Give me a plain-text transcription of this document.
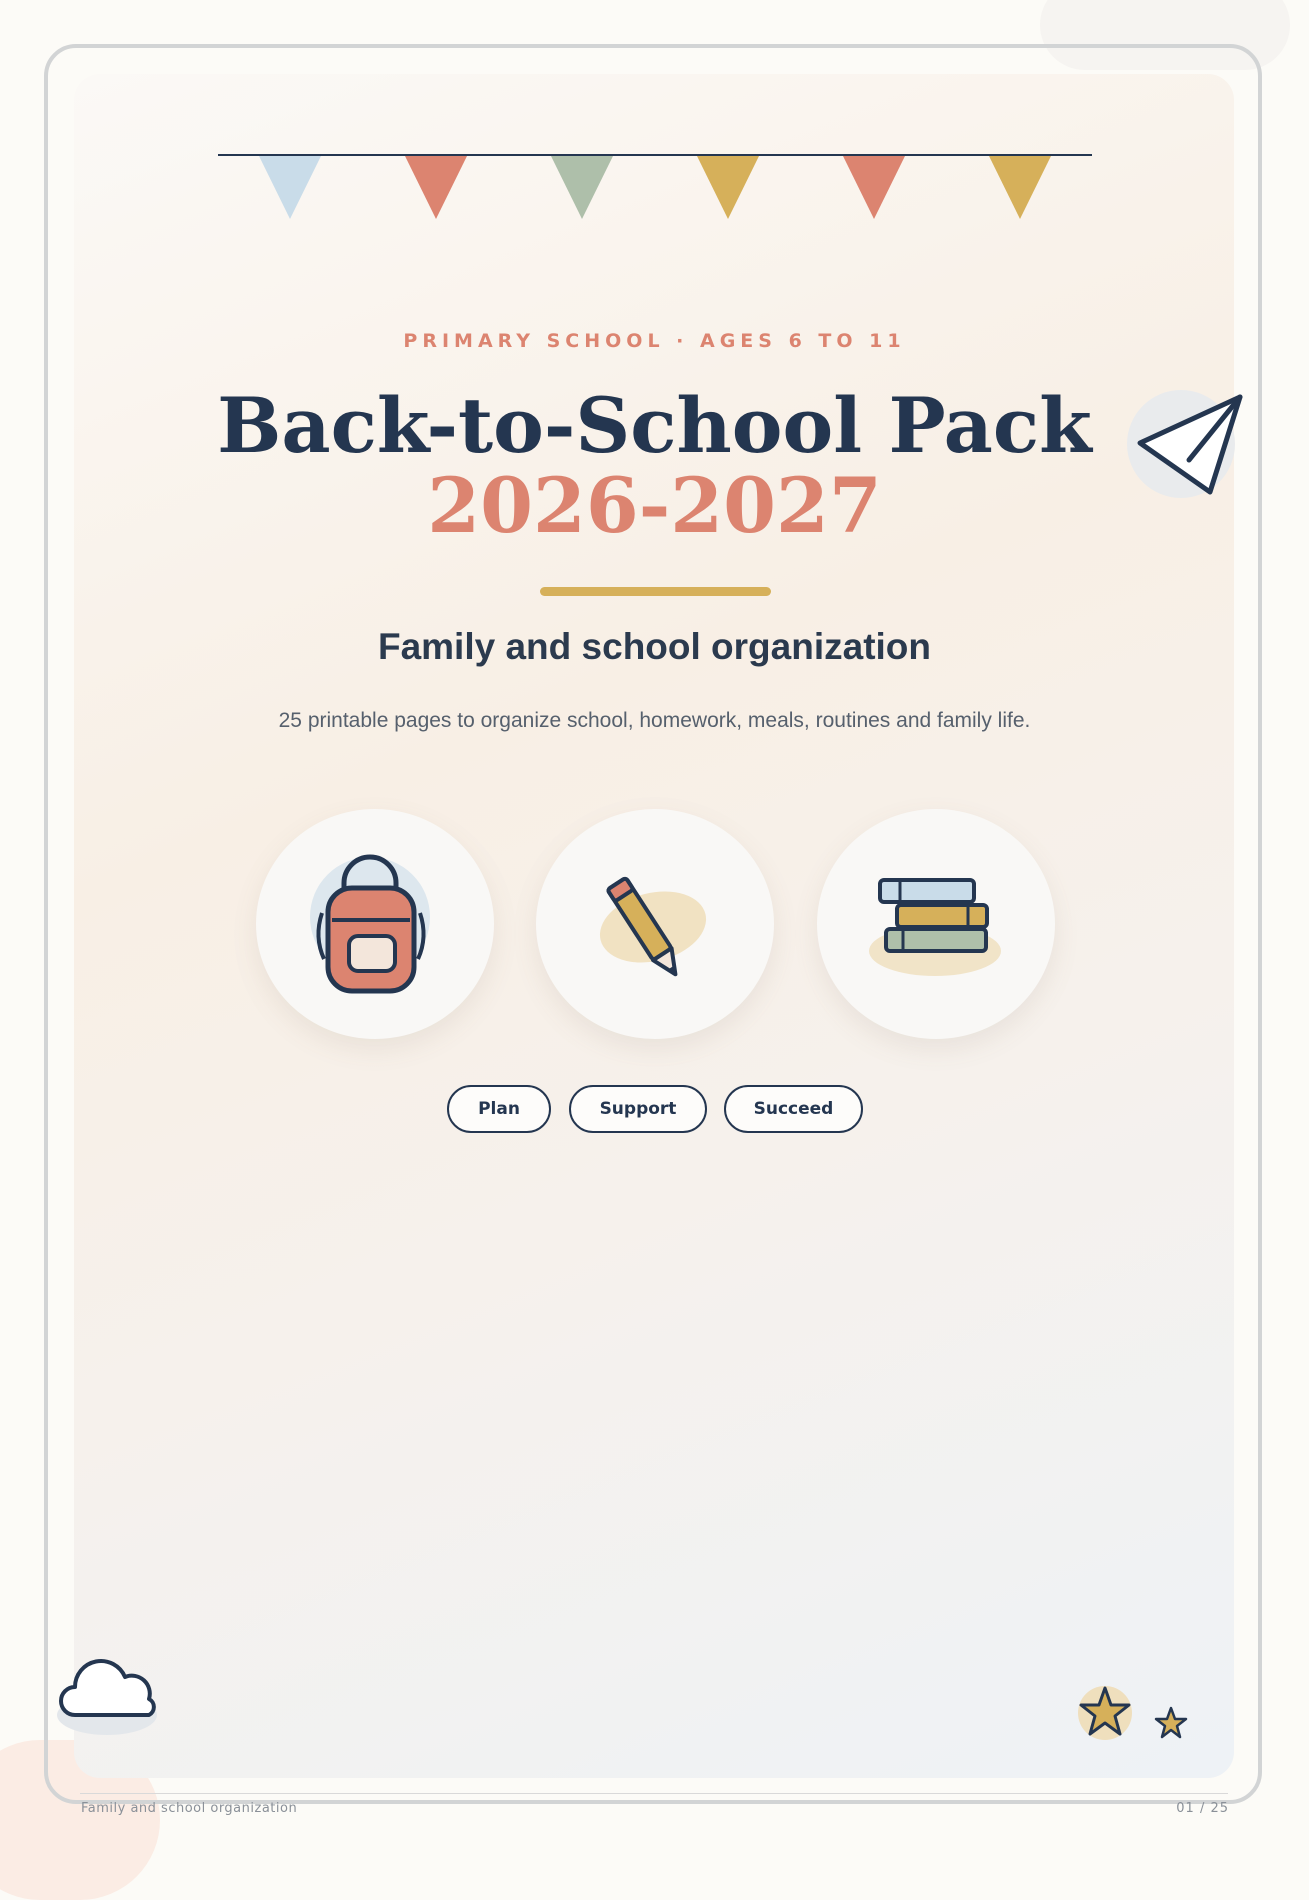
PRIMARY SCHOOL · AGES 6 TO 11
Back-to-School Pack
2026-2027
Family and school organization
25 printable pages to organize school, homework, meals, routines and family life.
Plan	Support	Succeed
Family and school organization	01 / 25
